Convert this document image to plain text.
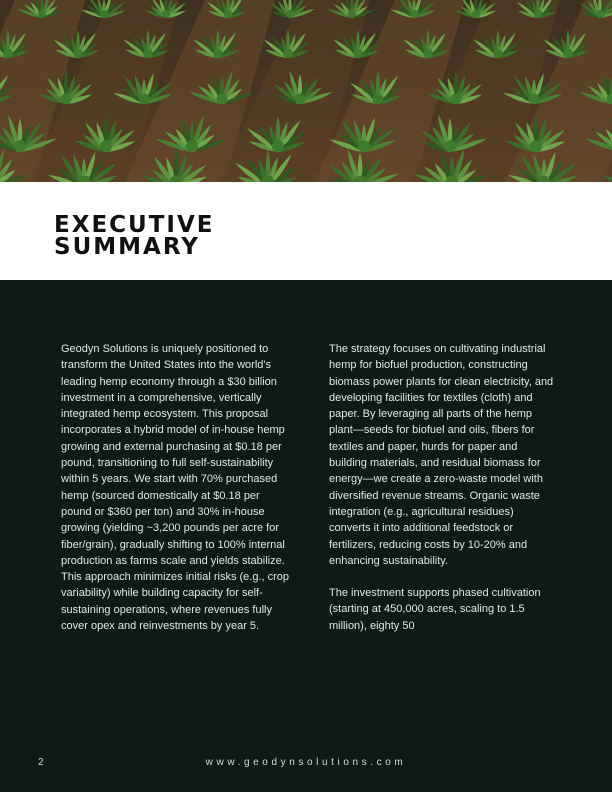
EXECUTIVE
SUMMARY

Geodyn Solutions is uniquely positioned to transform the United States into the world's leading hemp economy through a $30 billion investment in a comprehensive, vertically integrated hemp ecosystem. This proposal incorporates a hybrid model of in-house hemp growing and external purchasing at $0.18 per pound, transitioning to full self-sustainability within 5 years. We start with 70% purchased hemp (sourced domestically at $0.18 per pound or $360 per ton) and 30% in-house growing (yielding ~3,200 pounds per acre for fiber/grain), gradually shifting to 100% internal production as farms scale and yields stabilize. This approach minimizes initial risks (e.g., crop variability) while building capacity for self-sustaining operations, where revenues fully cover opex and reinvestments by year 5.

The strategy focuses on cultivating industrial hemp for biofuel production, constructing biomass power plants for clean electricity, and developing facilities for textiles (cloth) and paper. By leveraging all parts of the hemp plant—seeds for biofuel and oils, fibers for textiles and paper, hurds for paper and building materials, and residual biomass for energy—we create a zero-waste model with diversified revenue streams. Organic waste integration (e.g., agricultural residues) converts it into additional feedstock or fertilizers, reducing costs by 10-20% and enhancing sustainability.

The investment supports phased cultivation (starting at 450,000 acres, scaling to 1.5 million), eighty 50

2	www.geodynsolutions.com
